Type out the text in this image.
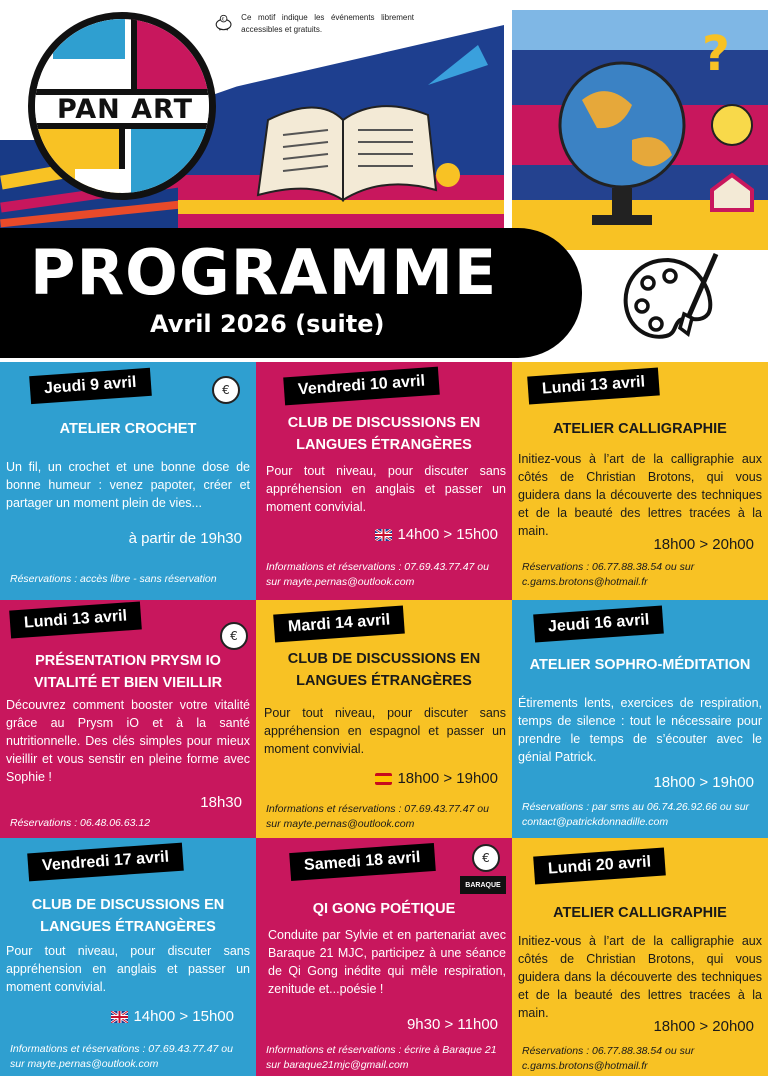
?
PAN ART
€ Ce motif indique les événements librement accessibles et gratuits.
PROGRAMME
Avril 2026 (suite)
Jeudi 9 avril	€
ATELIER CROCHET
Un fil, un crochet et une bonne dose de bonne humeur : venez papoter, créer et partager un moment plein de vies...
à partir de 19h30
Réservations : accès libre - sans réservation
Vendredi 10 avril
CLUB DE DISCUSSIONS EN LANGUES ÉTRANGÈRES
Pour tout niveau, pour discuter sans appréhension en anglais et passer un moment convivial.
14h00 > 15h00
Informations et réservations : 07.69.43.77.47 ou sur mayte.pernas@outlook.com
Lundi 13 avril
ATELIER CALLIGRAPHIE
Initiez-vous à l’art de la calligraphie aux côtés de Christian Brotons, qui vous guidera dans la découverte des techniques et de la beauté des lettres tracées à la main.
18h00 > 20h00
Réservations : 06.77.88.38.54 ou sur c.gams.brotons@hotmail.fr
Lundi 13 avril
€
PRÉSENTATION PRYSM IO VITALITÉ ET BIEN VIEILLIR
Découvrez comment booster votre vitalité grâce au Prysm iO et à la santé nutritionnelle. Des clés simples pour mieux vieillir et vous senstir en pleine forme avec Sophie !
18h30
Réservations : 06.48.06.63.12
Mardi 14 avril
CLUB DE DISCUSSIONS EN LANGUES ÉTRANGÈRES
Pour tout niveau, pour discuter sans appréhension en espagnol et passer un moment convivial.
18h00 > 19h00
Informations et réservations : 07.69.43.77.47 ou sur mayte.pernas@outlook.com
Jeudi 16 avril
ATELIER SOPHRO-MÉDITATION
Étirements lents, exercices de respiration, temps de silence : tout le nécessaire pour prendre le temps de s’écouter avec le génial Patrick.
18h00 > 19h00
Réservations : par sms au 06.74.26.92.66 ou sur contact@patrickdonnadille.com
Vendredi 17 avril
CLUB DE DISCUSSIONS EN LANGUES ÉTRANGÈRES
Pour tout niveau, pour discuter sans appréhension en anglais et passer un moment convivial.
14h00 > 15h00
Informations et réservations : 07.69.43.77.47 ou sur mayte.pernas@outlook.com
Samedi 18 avril	€
BARAQUE
QI GONG POÉTIQUE
Conduite par Sylvie et en partenariat avec Baraque 21 MJC, participez à une séance de Qi Gong inédite qui mêle respiration, zenitude et...poésie !
9h30 > 11h00
Informations et réservations : écrire à Baraque 21 sur baraque21mjc@gmail.com
Lundi 20 avril
ATELIER CALLIGRAPHIE
Initiez-vous à l’art de la calligraphie aux côtés de Christian Brotons, qui vous guidera dans la découverte des techniques et de la beauté des lettres tracées à la main.
18h00 > 20h00
Réservations : 06.77.88.38.54 ou sur c.gams.brotons@hotmail.fr
